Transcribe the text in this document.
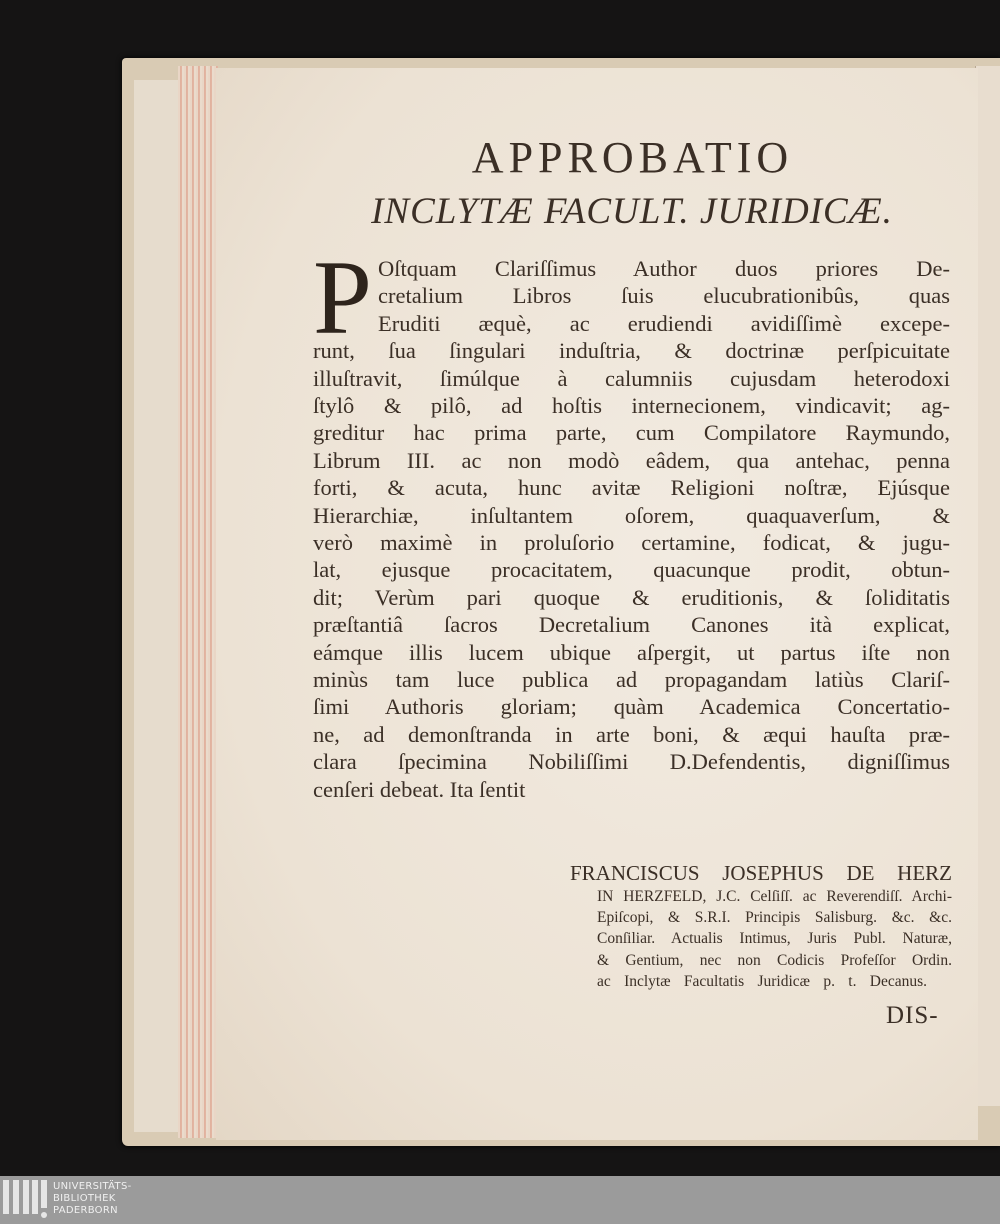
APPROBATIO
INCLYTÆ FACULT. JURIDICÆ.
P Oſtquam Clariſſimus Author duos priores De-
cretalium Libros ſuis elucubrationibûs, quas
Eruditi æquè, ac erudiendi avidiſſimè excepe-
runt, ſua ſingulari induſtria, & doctrinæ perſpicuitate
illuſtravit, ſimúlque à calumniis cujusdam heterodoxi
ſtylô & pilô, ad hoſtis internecionem, vindicavit; ag-
greditur hac prima parte, cum Compilatore Raymundo,
Librum III. ac non modò eâdem, qua antehac, penna
forti, & acuta, hunc avitæ Religioni noſtræ, Ejúsque
Hierarchiæ, inſultantem oſorem, quaquaverſum, &
verò maximè in proluſorio certamine, fodicat, & jugu-
lat, ejusque procacitatem, quacunque prodit, obtun-
dit; Verùm pari quoque & eruditionis, & ſoliditatis
præſtantiâ ſacros Decretalium Canones ità explicat,
eámque illis lucem ubique aſpergit, ut partus iſte non
minùs tam luce publica ad propagandam latiùs Clariſ-
ſimi Authoris gloriam; quàm Academica Concertatio-
ne, ad demonſtranda in arte boni, & æqui hauſta præ-
clara ſpecimina Nobiliſſimi D.Defendentis, digniſſimus
cenſeri debeat. Ita ſentit
FRANCISCUS JOSEPHUS DE HERZ
IN HERZFELD, J.C. Celſiſſ. ac Reverendiſſ. Archi-
Epiſcopi, & S.R.I. Principis Salisburg. &c. &c.
Conſiliar. Actualis Intimus, Juris Publ. Naturæ,
& Gentium, nec non Codicis Profeſſor Ordin.
ac Inclytæ Facultatis Juridicæ p. t. Decanus.
DIS-
UNIVERSITÄTS-
BIBLIOTHEK
PADERBORN
